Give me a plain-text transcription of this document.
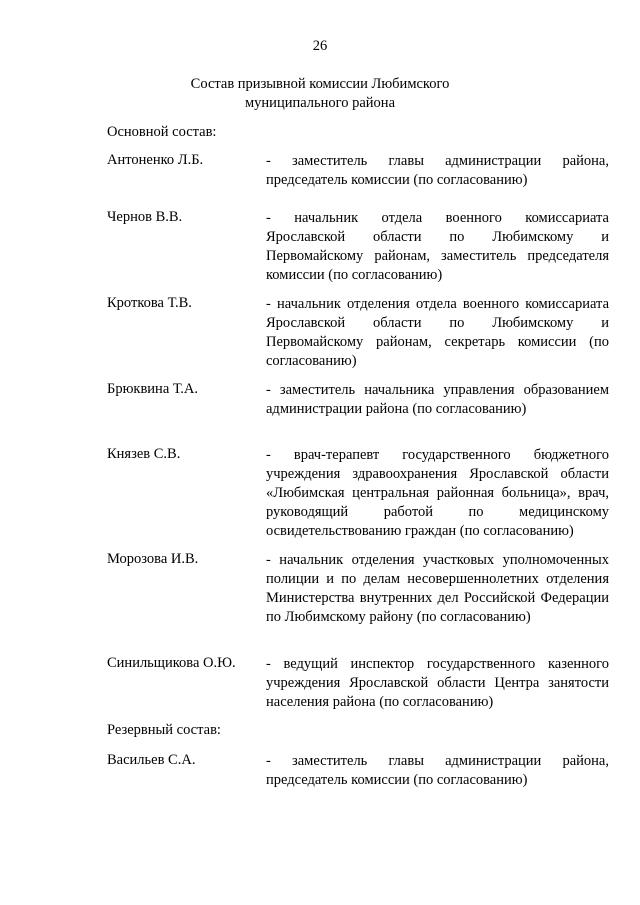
26
Состав призывной комиссии Любимского
муниципального района
Основной состав:
Антоненко Л.Б.	- заместитель главы администрации района, председатель комиссии (по согласованию)
Чернов В.В.	- начальник отдела военного комиссариата Ярославской области по Любимскому и Первомайскому районам, заместитель председателя комиссии (по согласованию)
Кроткова Т.В.	- начальник отделения отдела военного комиссариата Ярославской области по Любимскому и Первомайскому районам, секретарь комиссии (по согласованию)
Брюквина Т.А.	- заместитель начальника управления образованием администрации района (по согласованию)
Князев С.В.	- врач-терапевт государственного бюджетного учреждения здравоохранения Ярославской области «Любимская центральная районная больница», врач, руководящий работой по медицинскому освидетельствованию граждан (по согласованию)
Морозова И.В.	- начальник отделения участковых уполномоченных полиции и по делам несовершеннолетних отделения Министерства внутренних дел Российской Федерации по Любимскому району (по согласованию)
Синильщикова О.Ю. - ведущий инспектор государственного казенного учреждения Ярославской области Центра занятости населения района (по согласованию)
Резервный состав:
Васильев С.А.	- заместитель главы администрации района, председатель комиссии (по согласованию)
